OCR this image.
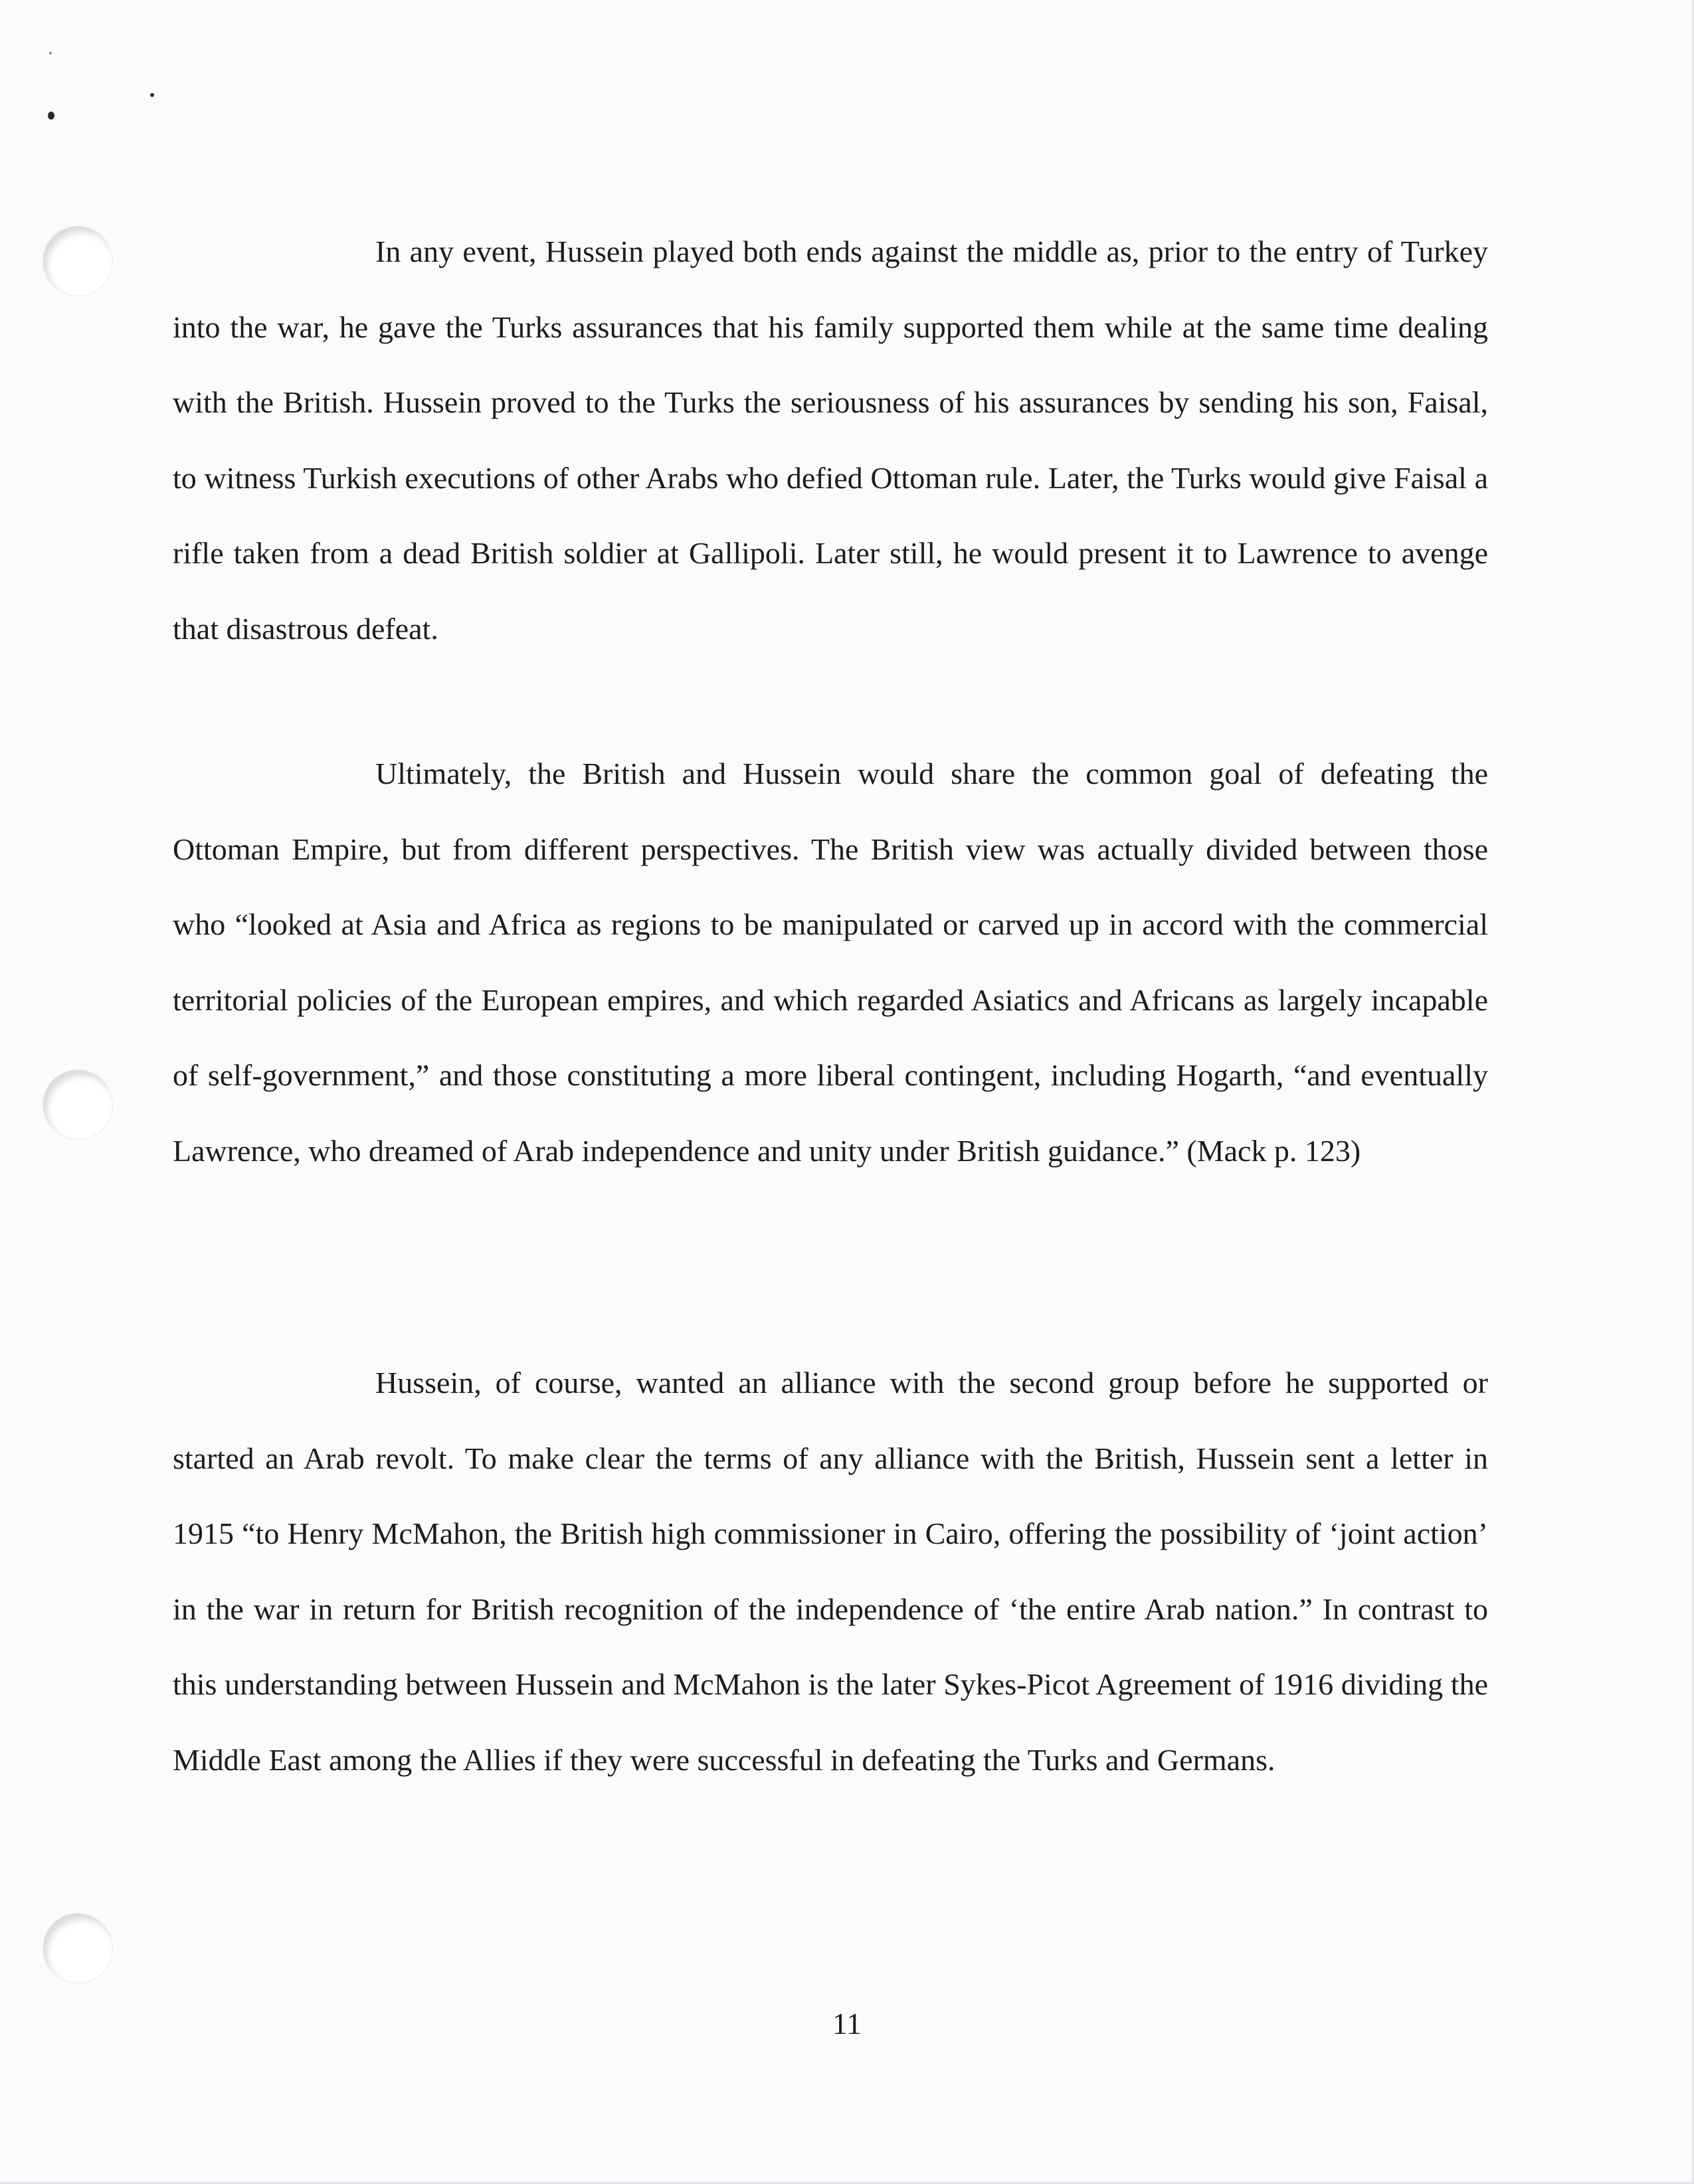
In any event, Hussein played both ends against the middle as, prior to the entry of Turkey into the war, he gave the Turks assurances that his family supported them while at the same time dealing with the British. Hussein proved to the Turks the seriousness of his assurances by sending his son, Faisal, to witness Turkish executions of other Arabs who defied Ottoman rule. Later, the Turks would give Faisal a rifle taken from a dead British soldier at Gallipoli. Later still, he would present it to Lawrence to avenge that disastrous defeat.

Ultimately, the British and Hussein would share the common goal of defeating the Ottoman Empire, but from different perspectives. The British view was actually divided between those who “looked at Asia and Africa as regions to be manipulated or carved up in accord with the commercial territorial policies of the European empires, and which regarded Asiatics and Africans as largely incapable of self-government,” and those constituting a more liberal contingent, including Hogarth, “and eventually Lawrence, who dreamed of Arab independence and unity under British guidance.” (Mack p. 123)

Hussein, of course, wanted an alliance with the second group before he supported or started an Arab revolt. To make clear the terms of any alliance with the British, Hussein sent a letter in 1915 “to Henry McMahon, the British high commissioner in Cairo, offering the possibility of ‘joint action’ in the war in return for British recognition of the independence of ‘the entire Arab nation.” In contrast to this understanding between Hussein and McMahon is the later Sykes-Picot Agreement of 1916 dividing the Middle East among the Allies if they were successful in defeating the Turks and Germans.

11
